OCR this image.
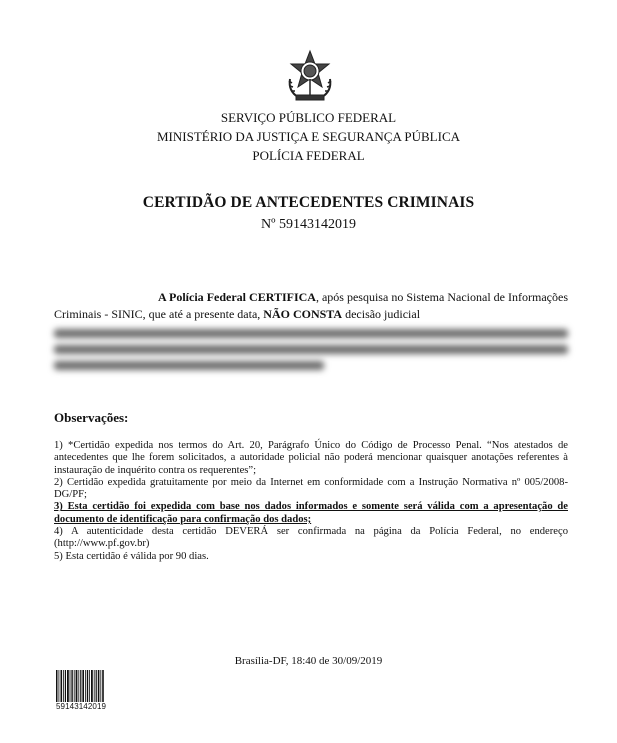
SERVIÇO PÚBLICO FEDERAL
MINISTÉRIO DA JUSTIÇA E SEGURANÇA PÚBLICA
POLÍCIA FEDERAL
CERTIDÃO DE ANTECEDENTES CRIMINAIS
Nº 59143142019
A Polícia Federal CERTIFICA, após pesquisa no Sistema Nacional de Informações Criminais - SINIC, que até a presente data, NÃO CONSTA decisão judicial
Observações:

1) *Certidão expedida nos termos do Art. 20, Parágrafo Único do Código de Processo Penal. “Nos atestados de antecedentes que lhe forem solicitados, a autoridade policial não poderá mencionar quaisquer anotações referentes à instauração de inquérito contra os requerentes”;

2) Certidão expedida gratuitamente por meio da Internet em conformidade com a Instrução Normativa nº 005/2008-DG/PF;

3) Esta certidão foi expedida com base nos dados informados e somente será válida com a apresentação de documento de identificação para confirmação dos dados;

4) A autenticidade desta certidão DEVERÁ ser confirmada na página da Polícia Federal, no endereço (http://www.pf.gov.br)

5) Esta certidão é válida por 90 dias.

Brasília-DF, 18:40 de 30/09/2019
59143142019
